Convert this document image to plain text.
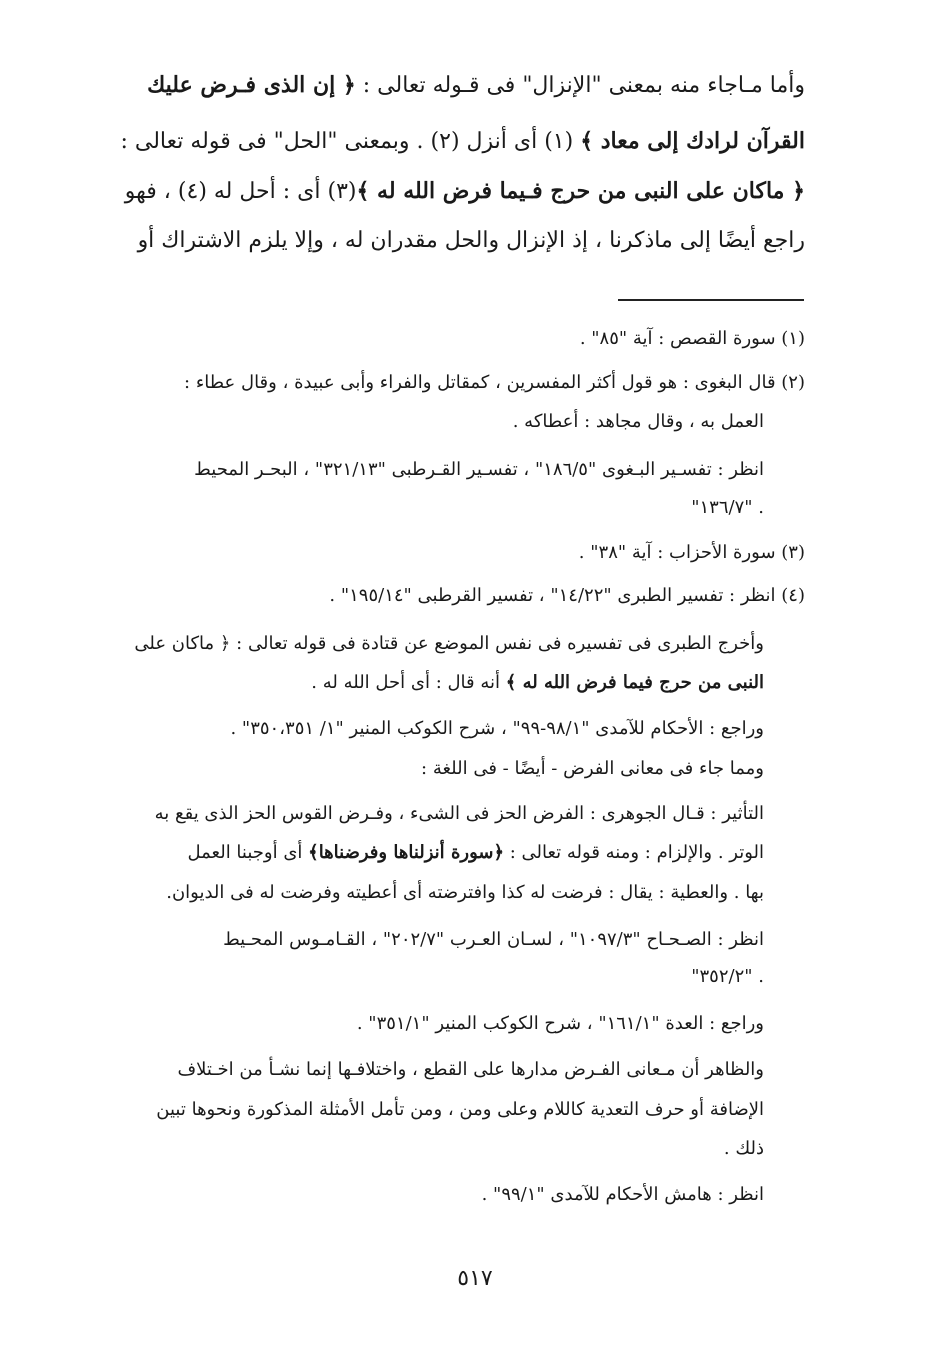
وأما مـاجاء منه بمعنى "الإنزال" فى قـوله تعالى : ﴿ إن الذى فـرض عليك
القرآن لرادك إلى معاد ﴾ (١) أى أنزل (٢) . وبمعنى "الحل" فى قوله تعالى :
﴿ ماكان على النبى من حرج فـيما فرض الله له ﴾(٣) أى : أحل له (٤) ، فهو
راجع أيضًا إلى ماذكرنا ، إذ الإنزال والحل مقدران له ، وإلا يلزم الاشتراك أو
(١) سورة القصص : آية "٨٥" .
(٢) قال البغوى : هو قول أكثر المفسرين ، كمقاتل والفراء وأبى عبيدة ، وقال عطاء :
العمل به ، وقال مجاهد : أعطاكه .
انظر : تفسـير البـغوى "١٨٦/٥" ، تفسـير القـرطبى "٣٢١/١٣" ، البحـر المحيط
"١٣٦/٧" .
(٣) سورة الأحزاب : آية "٣٨" .
(٤) انظر : تفسير الطبرى "١٤/٢٢" ، تفسير القرطبى "١٩٥/١٤" .
وأخرج الطبرى فى تفسيره فى نفس الموضع عن قتادة فى قوله تعالى : ﴿ ماكان على
النبى من حرج فيما فرض الله له ﴾ أنه قال : أى أحل الله له .
وراجع : الأحكام للآمدى "٩٨/١-٩٩" ، شرح الكوكب المنير "١/ ٣٥٠،٣٥١" .
ومما جاء فى معانى الفرض - أيضًا - فى اللغة :
التأثير : قـال الجوهرى : الفرض الحز فى الشىء ، وفـرض القوس الحز الذى يقع به
الوتر . والإلزام : ومنه قوله تعالى : ﴿سورة أنزلناها وفرضناها﴾ أى أوجبنا العمل
بها . والعطية : يقال : فرضت له كذا وافترضته أى أعطيته وفرضت له فى الديوان.
انظر : الصـحـاح "١٠٩٧/٣" ، لسـان العـرب "٢٠٢/٧" ، القـامـوس المحـيط
"٣٥٢/٢" .
وراجع : العدة "١٦١/١" ، شرح الكوكب المنير "٣٥١/١" .
والظاهر أن مـعانى الفـرض مدارها على القطع ، واختلافـها إنما نشـأ من اخـتلاف
الإضافة أو حرف التعدية كاللام وعلى ومن ، ومن تأمل الأمثلة المذكورة ونحوها تبين
ذلك .
انظر : هامش الأحكام للآمدى "٩٩/١" .
٥١٧
